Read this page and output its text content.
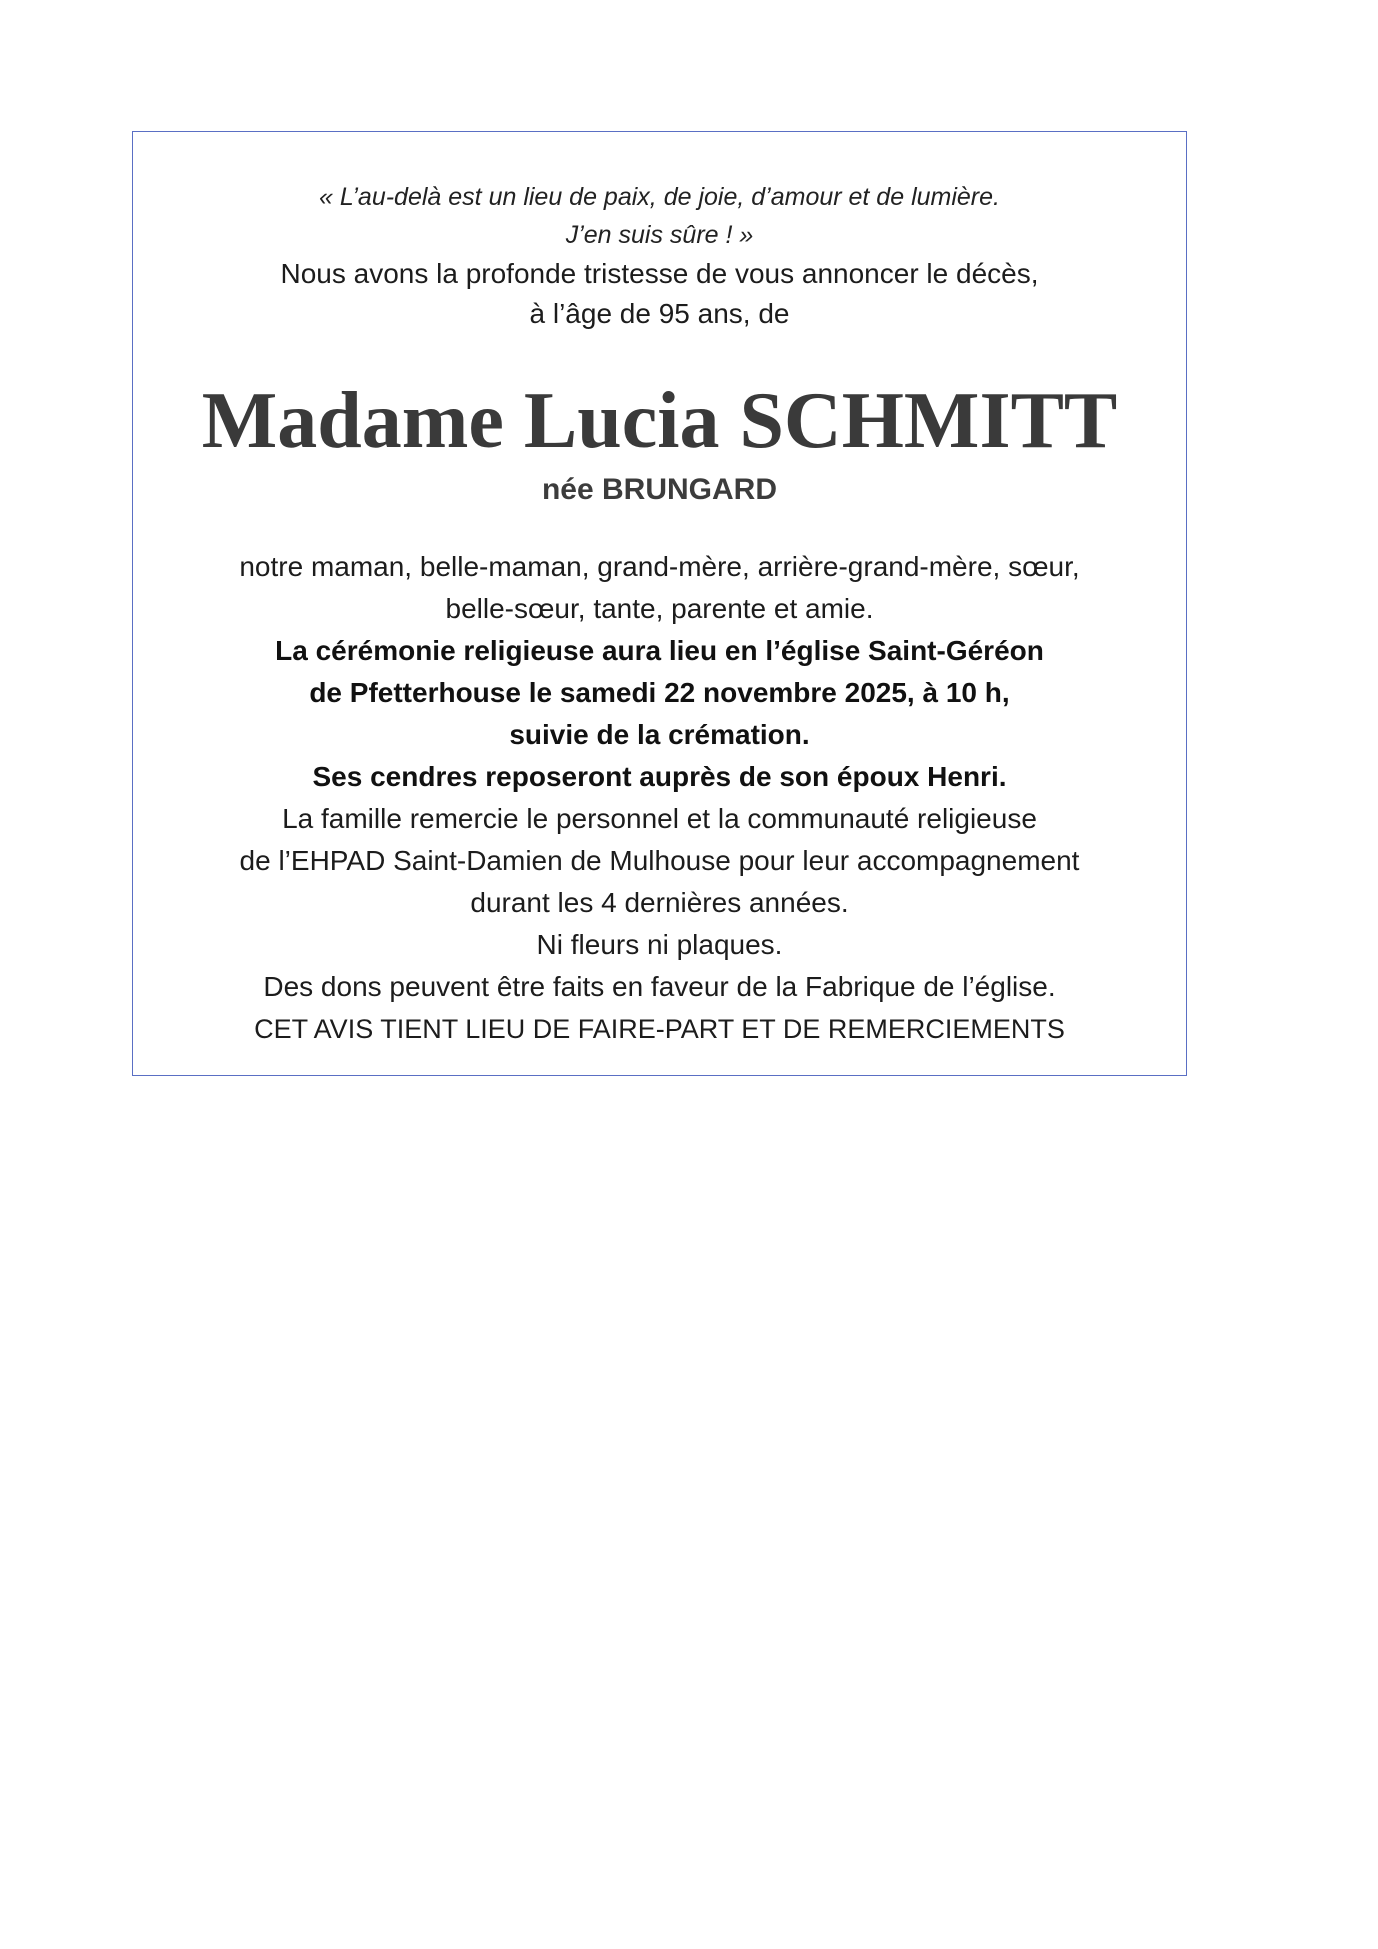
« L’au-delà est un lieu de paix, de joie, d’amour et de lumière.
J’en suis sûre ! »
Nous avons la profonde tristesse de vous annoncer le décès,
à l’âge de 95 ans, de
Madame Lucia SCHMITT
née BRUNGARD
notre maman, belle-maman, grand-mère, arrière-grand-mère, sœur,
belle-sœur, tante, parente et amie.
La cérémonie religieuse aura lieu en l’église Saint-Géréon
de Pfetterhouse le samedi 22 novembre 2025, à 10 h,
suivie de la crémation.
Ses cendres reposeront auprès de son époux Henri.
La famille remercie le personnel et la communauté religieuse
de l’EHPAD Saint-Damien de Mulhouse pour leur accompagnement
durant les 4 dernières années.
Ni fleurs ni plaques.
Des dons peuvent être faits en faveur de la Fabrique de l’église.
CET AVIS TIENT LIEU DE FAIRE-PART ET DE REMERCIEMENTS
